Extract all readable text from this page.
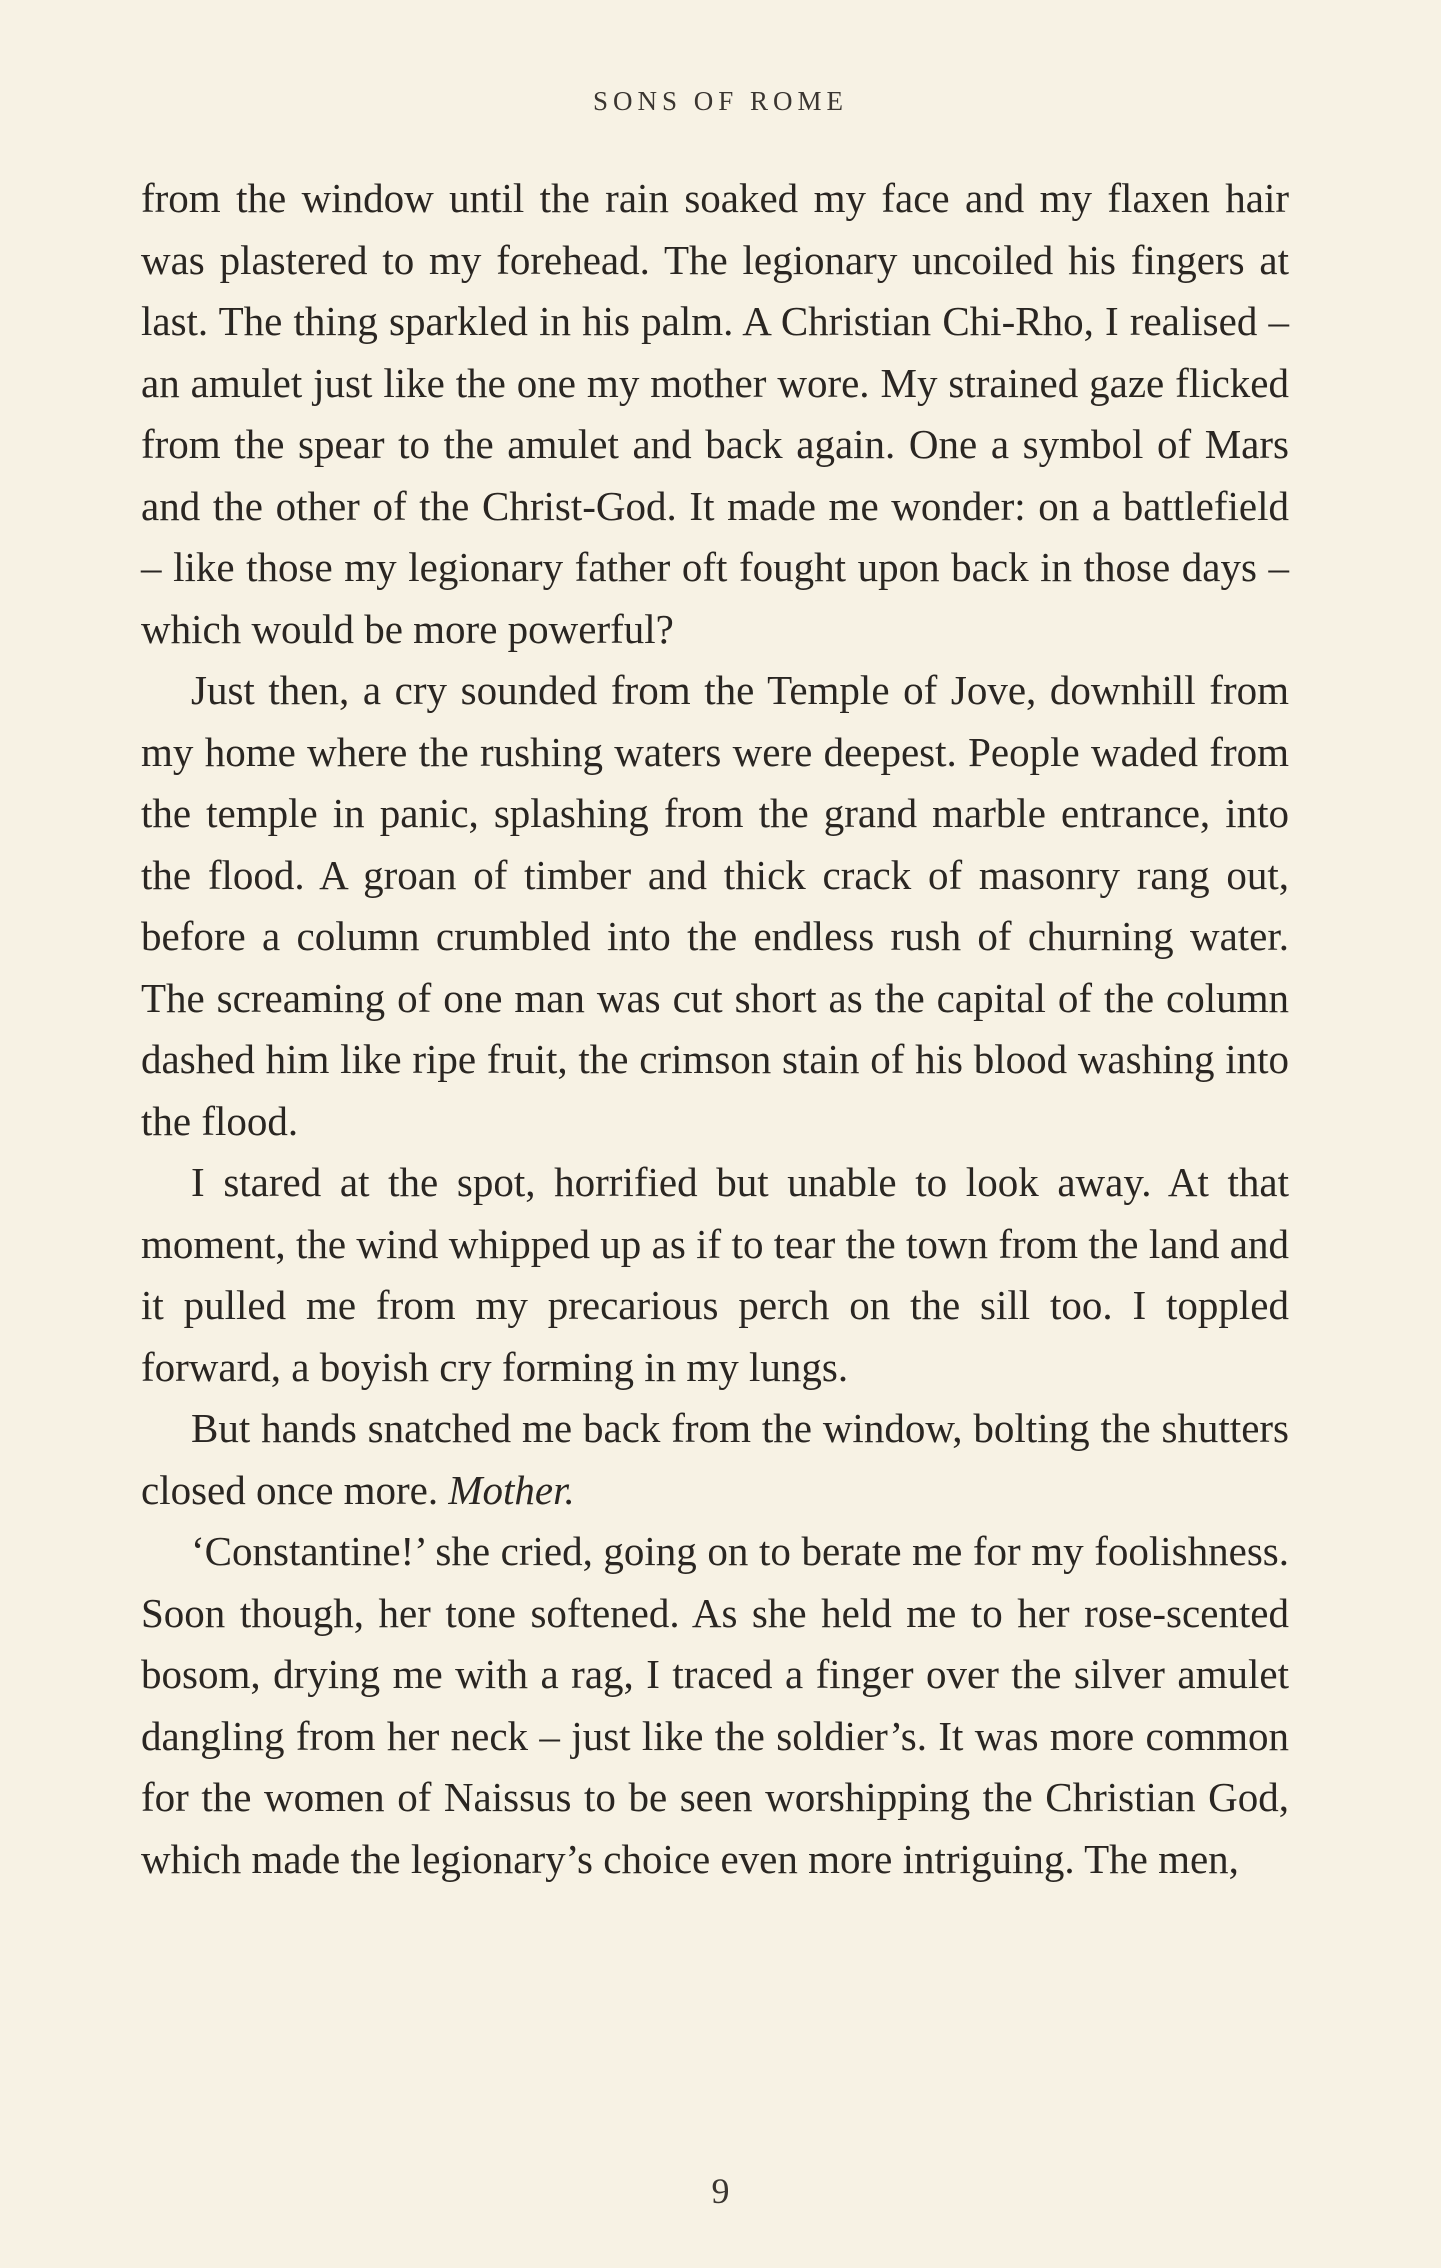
SONS OF ROME

from the window until the rain soaked my face and my flaxen hair was plastered to my forehead. The legionary uncoiled his fingers at last. The thing sparkled in his palm. A Christian Chi-Rho, I realised – an amulet just like the one my mother wore. My strained gaze flicked from the spear to the amulet and back again. One a symbol of Mars and the other of the Christ-God. It made me wonder: on a battlefield – like those my legionary father oft fought upon back in those days – which would be more powerful?

Just then, a cry sounded from the Temple of Jove, downhill from my home where the rushing waters were deepest. People waded from the temple in panic, splashing from the grand marble entrance, into the flood. A groan of timber and thick crack of masonry rang out, before a column crumbled into the endless rush of churning water. The screaming of one man was cut short as the capital of the column dashed him like ripe fruit, the crimson stain of his blood washing into the flood.

I stared at the spot, horrified but unable to look away. At that moment, the wind whipped up as if to tear the town from the land and it pulled me from my precarious perch on the sill too. I toppled forward, a boyish cry forming in my lungs.

But hands snatched me back from the window, bolting the shutters closed once more. Mother.

‘Constantine!’ she cried, going on to berate me for my foolishness. Soon though, her tone softened. As she held me to her rose-scented bosom, drying me with a rag, I traced a finger over the silver amulet dangling from her neck – just like the soldier’s. It was more common for the women of Naissus to be seen worshipping the Christian God, which made the legionary’s choice even more intriguing. The men,

9
